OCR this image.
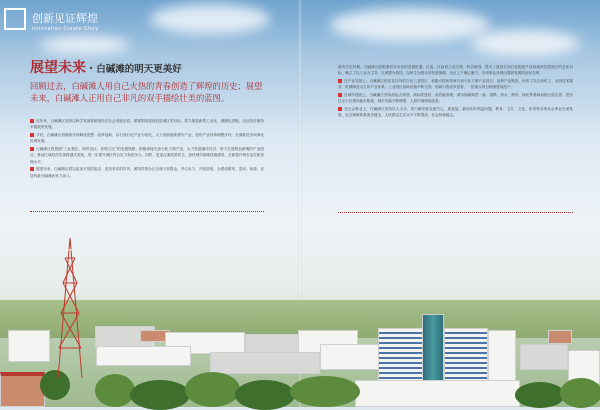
创新见证辉煌
Innovation Create Glory
展望未来 · 白碱滩的明天更美好
回顾过去，白碱滩人用自己火热的青春创造了辉煌的历史；展望未来，白碱滩人正用自己非凡的双手描绘壮美的蓝图。

近年来，白碱滩区坚持以科学发展观统领经济社会发展全局，紧紧围绕建设宜居城区的目标，着力推进新型工业化、城镇化进程，全区经济保持平稳较快发展。

今后，白碱滩区将继续坚持解放思想、改革创新，以石油石化产业为依托，大力发展接续替代产业，加快产业结构调整步伐，全面推进各项事业协调发展。

白碱滩区将按照“工业强区、商贸活区、环境立区”的发展思路，积极承接石油石化下游产业，大力发展循环经济，努力打造特色鲜明的产业园区，推动区域经济实现跨越式发展，进一步提升城区综合实力和竞争力。同时，更加注重改善民生，加快城市基础设施建设，全面提升城市品位和管理水平。

展望未来，白碱滩区将以更加开放的姿态、更加务实的作风，团结带领全区各族干部群众，齐心协力，开拓进取，为建设繁荣、富裕、和谐、宜居的新白碱滩而努力奋斗。

新的历史时期，白碱滩区面临着前所未有的发展机遇。区委、区政府立足区情，科学谋划，提出了建设石油石化配套产业基地和宜居城区的总体目标，确立了以工业为主导、以城建为依托、以民生为根本的发展战略，全区上下凝心聚力，各项事业呈现出蓬勃发展的良好态势。

在产业发展上，白碱滩区依托克拉玛依石化工业园区，积极引进和培育石油石化下游产业项目，延伸产业链条，形成了以石油化工、油田技术服务、机械制造为主的产业体系。工业园区基础设施不断完善，招商引资成效显著，一批重点项目相继建成投产。

在城市建设上，白碱滩区坚持高起点规划、高标准建设、高效能管理，城市面貌焕然一新。道路、供水、供热、绿化等基础设施日趋完善，居民住宅小区建设稳步推进，城市功能不断增强，人居环境明显改善。

在社会事业上，白碱滩区坚持以人为本，着力解决群众最关心、最直接、最现实的利益问题。教育、卫生、文化、体育等各项社会事业全面发展，社会保障体系逐步健全，人民群众生活水平不断提高，社会和谐稳定。
